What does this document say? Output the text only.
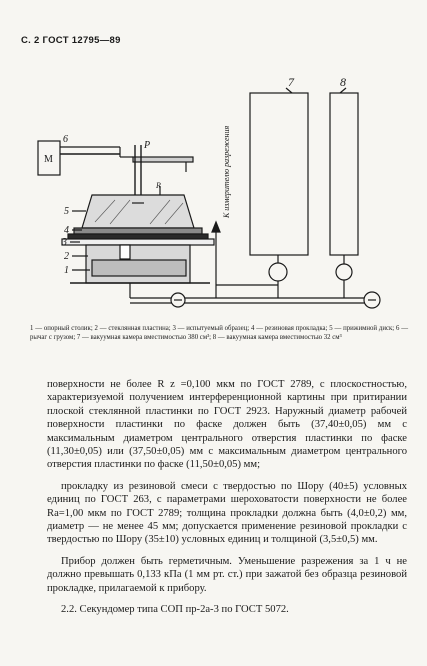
С. 2 ГОСТ 12795—89
М
6
P
R
5
4
3
2
1
7	8
К измерителю разрежения
1 — опорный столик; 2 — стеклянная пластина; 3 — испытуемый образец; 4 — резиновая прокладка; 5 — прижимной диск; 6 — рычаг с грузом; 7 — вакуумная камера вместимостью 380 см³; 8 — вакуумная камера вместимостью 32 см³

поверхности не более R z =0,100 мкм по ГОСТ 2789, с плоскостностью, характеризуемой получением интерференционной картины при притирании плоской стеклянной пластинки по ГОСТ 2923. Наружный диаметр рабочей поверхности пластинки по фаске должен быть (37,40±0,05) мм с максимальным диаметром центрального отверстия пластинки по фаске (11,30±0,05) или (37,50±0,05) мм с максимальным диаметром центрального отверстия пластинки по фаске (11,50±0,05) мм;

прокладку из резиновой смеси с твердостью по Шору (40±5) условных единиц по ГОСТ 263, с параметрами шероховатости поверхности не более Ra=1,00 мкм по ГОСТ 2789; толщина прокладки должна быть (4,0±0,2) мм, диаметр — не менее 45 мм; допускается применение резиновой прокладки с твердостью по Шору (35±10) условных единиц и толщиной (3,5±0,5) мм.

Прибор должен быть герметичным. Уменьшение разрежения за 1 ч не должно превышать 0,133 кПа (1 мм рт. ст.) при зажатой без образца резиновой прокладке, прилагаемой к прибору.

2.2. Секундомер типа СОП пр-2а-3 по ГОСТ 5072.
